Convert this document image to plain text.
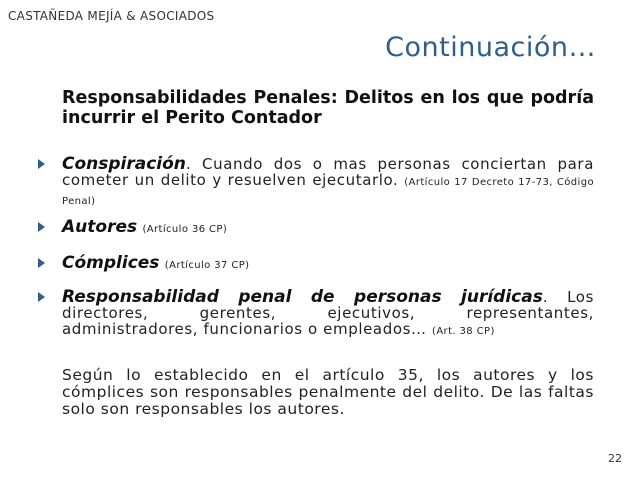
CASTAÑEDA MEJÍA & ASOCIADOS
Continuación…
Responsabilidades Penales: Delitos en los que podría incurrir el Perito Contador
Conspiración. Cuando dos o mas personas conciertan para cometer un delito y resuelven ejecutarlo. (Artículo 17 Decreto 17-73, Código Penal)
Autores (Artículo 36 CP)
Cómplices (Artículo 37 CP)
Responsabilidad penal de personas jurídicas. Los directores, gerentes, ejecutivos, representantes, administradores, funcionarios o empleados… (Art. 38 CP)
Según lo establecido en el artículo 35, los autores y los cómplices son responsables penalmente del delito. De las faltas solo son responsables los autores.
22
